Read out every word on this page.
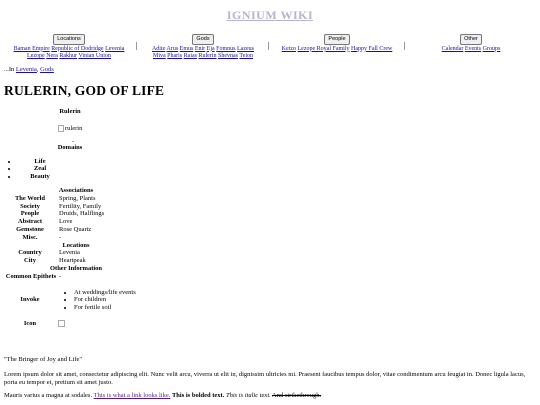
IGNIUM WIKI
Locations
Baman Empire Republic of Dodridge Levenia
Lezope Nera Rakhur Vinian Union
Gods
Adite Arus Emus Enir Eja Fomnus Lazeus
Miva Pharis Raias Rulerin Shevnas Teion
People
Ketzo Lezope Royal Family Happy Fall Crew
Other
Calendar Events Groups
...In Levenia, Gods
RULERIN, GOD OF LIFE
Rulerin
rulerin
-
Domains
• Life
• Zeal
• Beauty
Associations
The World	Spring, Plants
Society	Fertility, Family
People	Druids, Halflings
Abstract	Love
Gemstone	Rose Quartz
Misc.	-
Locations
Country	Levenia
City	Heartpeak
Other Information
Common Epithets -
Invoke
• At weddings/life events
• For children
• For fertile soil
Icon
"The Bringer of Joy and Life"

Lorem ipsum dolor sit amet, consectetur adipiscing elit. Nunc velit arcu, viverra ut elit in, dignissim ultricies mi. Praesent faucibus tempus dolor, vitae condimentum arcu feugiat in. Donec ligula lacus, porta eu tempor et, pretium sit amet justo.

Mauris varius a magna at sodales. This is what a link looks like. This is bolded text. This is italic text. And strikethrough.
